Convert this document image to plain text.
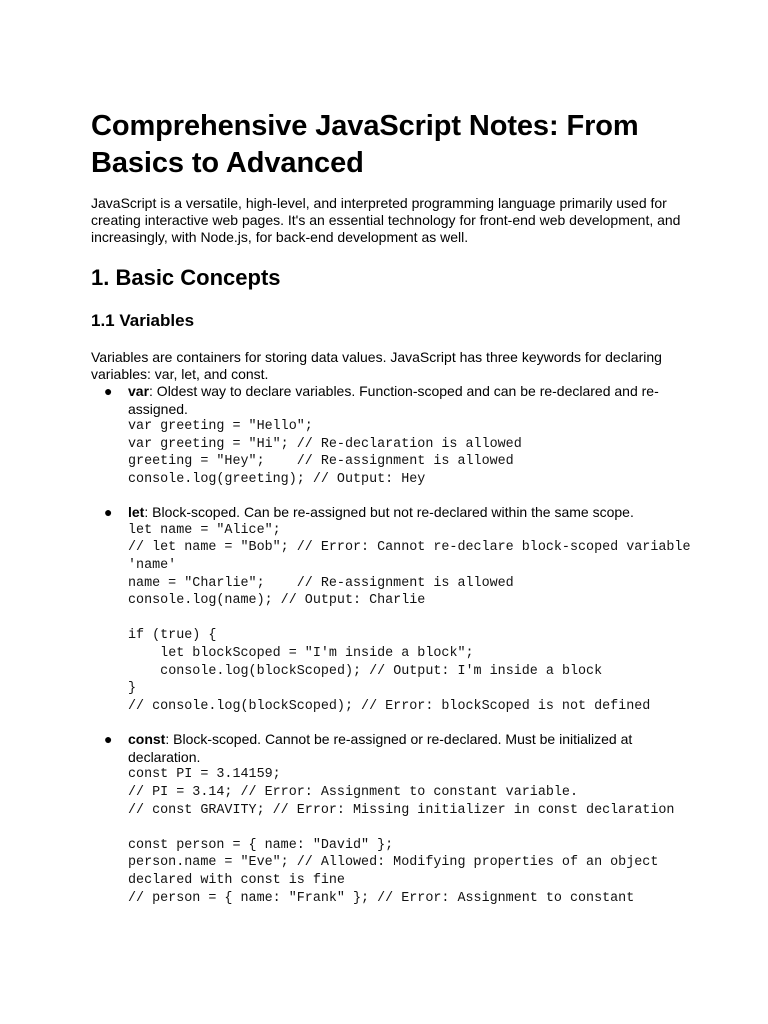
Comprehensive JavaScript Notes: From Basics to Advanced

JavaScript is a versatile, high-level, and interpreted programming language primarily used for creating interactive web pages. It's an essential technology for front-end web development, and increasingly, with Node.js, for back-end development as well.

1. Basic Concepts
1.1 Variables

Variables are containers for storing data values. JavaScript has three keywords for declaring variables: var, let, and const.

● var: Oldest way to declare variables. Function-scoped and can be re-declared and re-assigned.
var greeting = "Hello";
var greeting = "Hi"; // Re-declaration is allowed
greeting = "Hey";    // Re-assignment is allowed
console.log(greeting); // Output: Hey
● let: Block-scoped. Can be re-assigned but not re-declared within the same scope.
let name = "Alice";
// let name = "Bob"; // Error: Cannot re-declare block-scoped variable 'name'
name = "Charlie";    // Re-assignment is allowed
console.log(name); // Output: Charlie

if (true) {
let blockScoped = "I'm inside a block";
console.log(blockScoped); // Output: I'm inside a block
}
// console.log(blockScoped); // Error: blockScoped is not defined
● const: Block-scoped. Cannot be re-assigned or re-declared. Must be initialized at declaration.
const PI = 3.14159;
// PI = 3.14; // Error: Assignment to constant variable.
// const GRAVITY; // Error: Missing initializer in const declaration

const person = { name: "David" };
person.name = "Eve"; // Allowed: Modifying properties of an object declared with const is fine
// person = { name: "Frank" }; // Error: Assignment to constant
